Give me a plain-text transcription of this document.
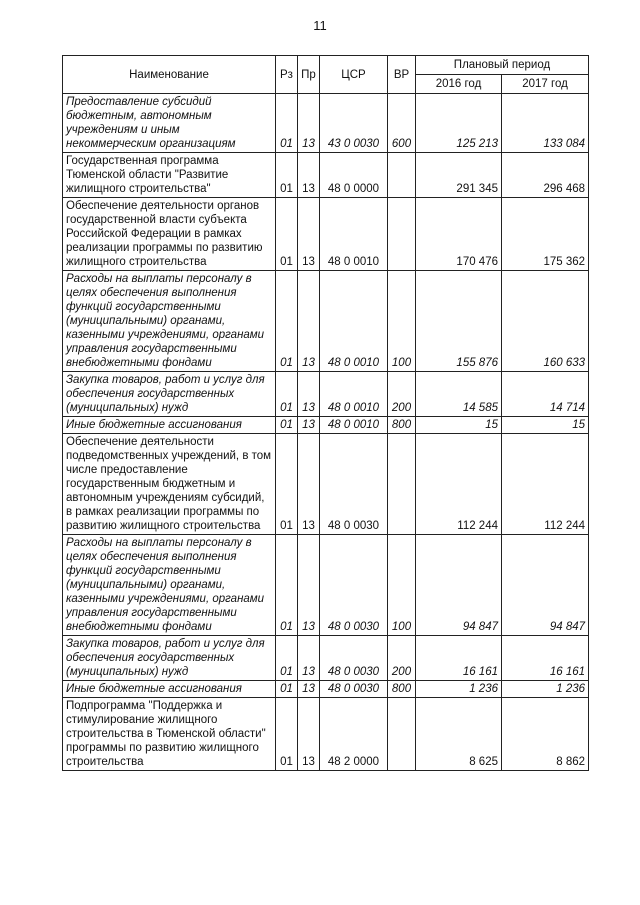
11
Наименование	Рз	Пр	ЦСР	ВР	Плановый период	
					2016 год	2017 год
Предоставление субсидий бюджетным, автономным учреждениям и иным некоммерческим организациям	01	13	43 0 0030	600	125 213	133 084
Государственная программа Тюменской области "Развитие жилищного строительства"	01	13	48 0 0000		291 345	296 468
Обеспечение деятельности органов государственной власти субъекта Российской Федерации в рамках реализации программы по развитию жилищного строительства	01	13	48 0 0010		170 476	175 362
Расходы на выплаты персоналу в целях обеспечения выполнения функций государственными (муниципальными) органами, казенными учреждениями, органами управления государственными внебюджетными фондами	01	13	48 0 0010	100	155 876	160 633
Закупка товаров, работ и услуг для обеспечения государственных (муниципальных) нужд	01	13	48 0 0010	200	14 585	14 714
Иные бюджетные ассигнования	01	13	48 0 0010	800	15	15
Обеспечение деятельности подведомственных учреждений, в том числе предоставление государственным бюджетным и автономным учреждениям субсидий, в рамках реализации программы по развитию жилищного строительства	01	13	48 0 0030		112 244	112 244
Расходы на выплаты персоналу в целях обеспечения выполнения функций государственными (муниципальными) органами, казенными учреждениями, органами управления государственными внебюджетными фондами	01	13	48 0 0030	100	94 847	94 847
Закупка товаров, работ и услуг для обеспечения государственных (муниципальных) нужд	01	13	48 0 0030	200	16 161	16 161
Иные бюджетные ассигнования	01	13	48 0 0030	800	1 236	1 236
Подпрограмма "Поддержка и стимулирование жилищного строительства в Тюменской области" программы по развитию жилищного строительства	01	13	48 2 0000		8 625	8 862
